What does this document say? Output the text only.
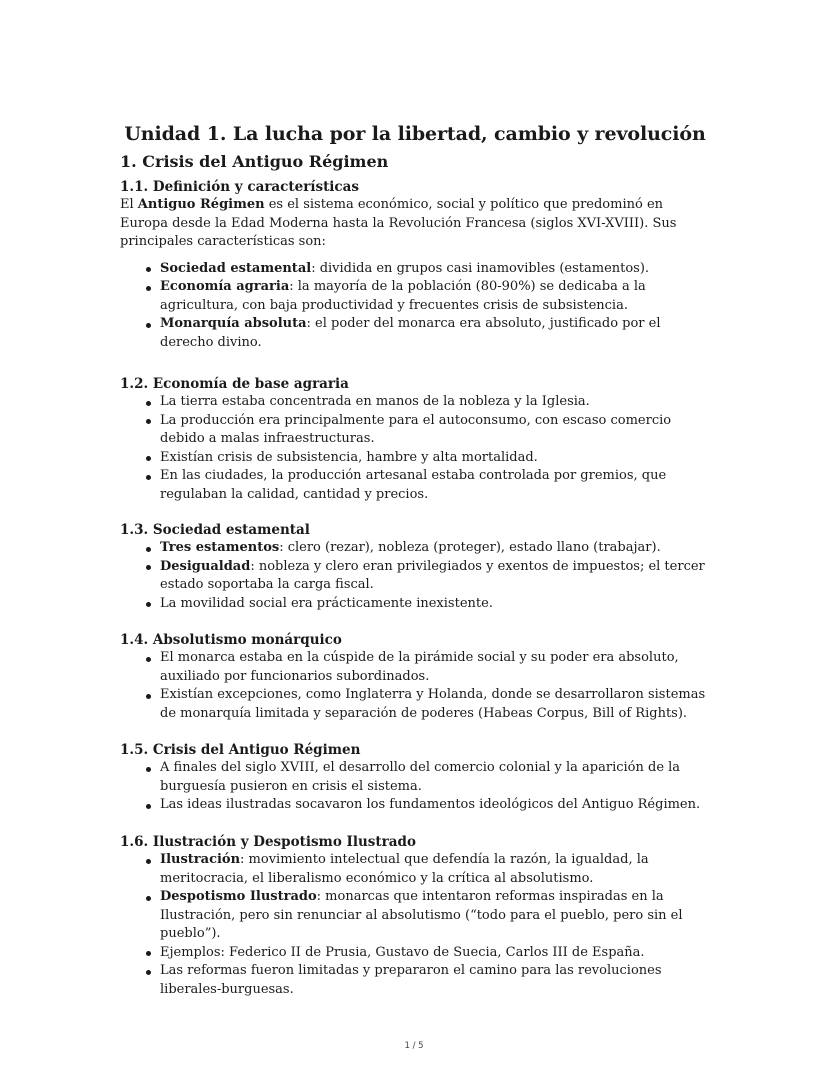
Unidad 1. La lucha por la libertad, cambio y revolución
1. Crisis del Antiguo Régimen

1.1. Definición y características

El Antiguo Régimen es el sistema económico, social y político que predominó en Europa desde la Edad Moderna hasta la Revolución Francesa (siglos XVI-XVIII). Sus principales características son:

Sociedad estamental: dividida en grupos casi inamovibles (estamentos).
Economía agraria: la mayoría de la población (80-90%) se dedicaba a la agricultura, con baja productividad y frecuentes crisis de subsistencia.
Monarquía absoluta: el poder del monarca era absoluto, justificado por el derecho divino.

1.2. Economía de base agraria

La tierra estaba concentrada en manos de la nobleza y la Iglesia.
La producción era principalmente para el autoconsumo, con escaso comercio debido a malas infraestructuras.
Existían crisis de subsistencia, hambre y alta mortalidad.
En las ciudades, la producción artesanal estaba controlada por gremios, que regulaban la calidad, cantidad y precios.

1.3. Sociedad estamental

Tres estamentos: clero (rezar), nobleza (proteger), estado llano (trabajar).
Desigualdad: nobleza y clero eran privilegiados y exentos de impuestos; el tercer estado soportaba la carga fiscal.
La movilidad social era prácticamente inexistente.

1.4. Absolutismo monárquico

El monarca estaba en la cúspide de la pirámide social y su poder era absoluto, auxiliado por funcionarios subordinados.
Existían excepciones, como Inglaterra y Holanda, donde se desarrollaron sistemas de monarquía limitada y separación de poderes (Habeas Corpus, Bill of Rights).

1.5. Crisis del Antiguo Régimen

A finales del siglo XVIII, el desarrollo del comercio colonial y la aparición de la burguesía pusieron en crisis el sistema.
Las ideas ilustradas socavaron los fundamentos ideológicos del Antiguo Régimen.

1.6. Ilustración y Despotismo Ilustrado

Ilustración: movimiento intelectual que defendía la razón, la igualdad, la meritocracia, el liberalismo económico y la crítica al absolutismo.
Despotismo Ilustrado: monarcas que intentaron reformas inspiradas en la Ilustración, pero sin renunciar al absolutismo (“todo para el pueblo, pero sin el pueblo”).
Ejemplos: Federico II de Prusia, Gustavo de Suecia, Carlos III de España.
Las reformas fueron limitadas y prepararon el camino para las revoluciones liberales-burguesas.
1 / 5
